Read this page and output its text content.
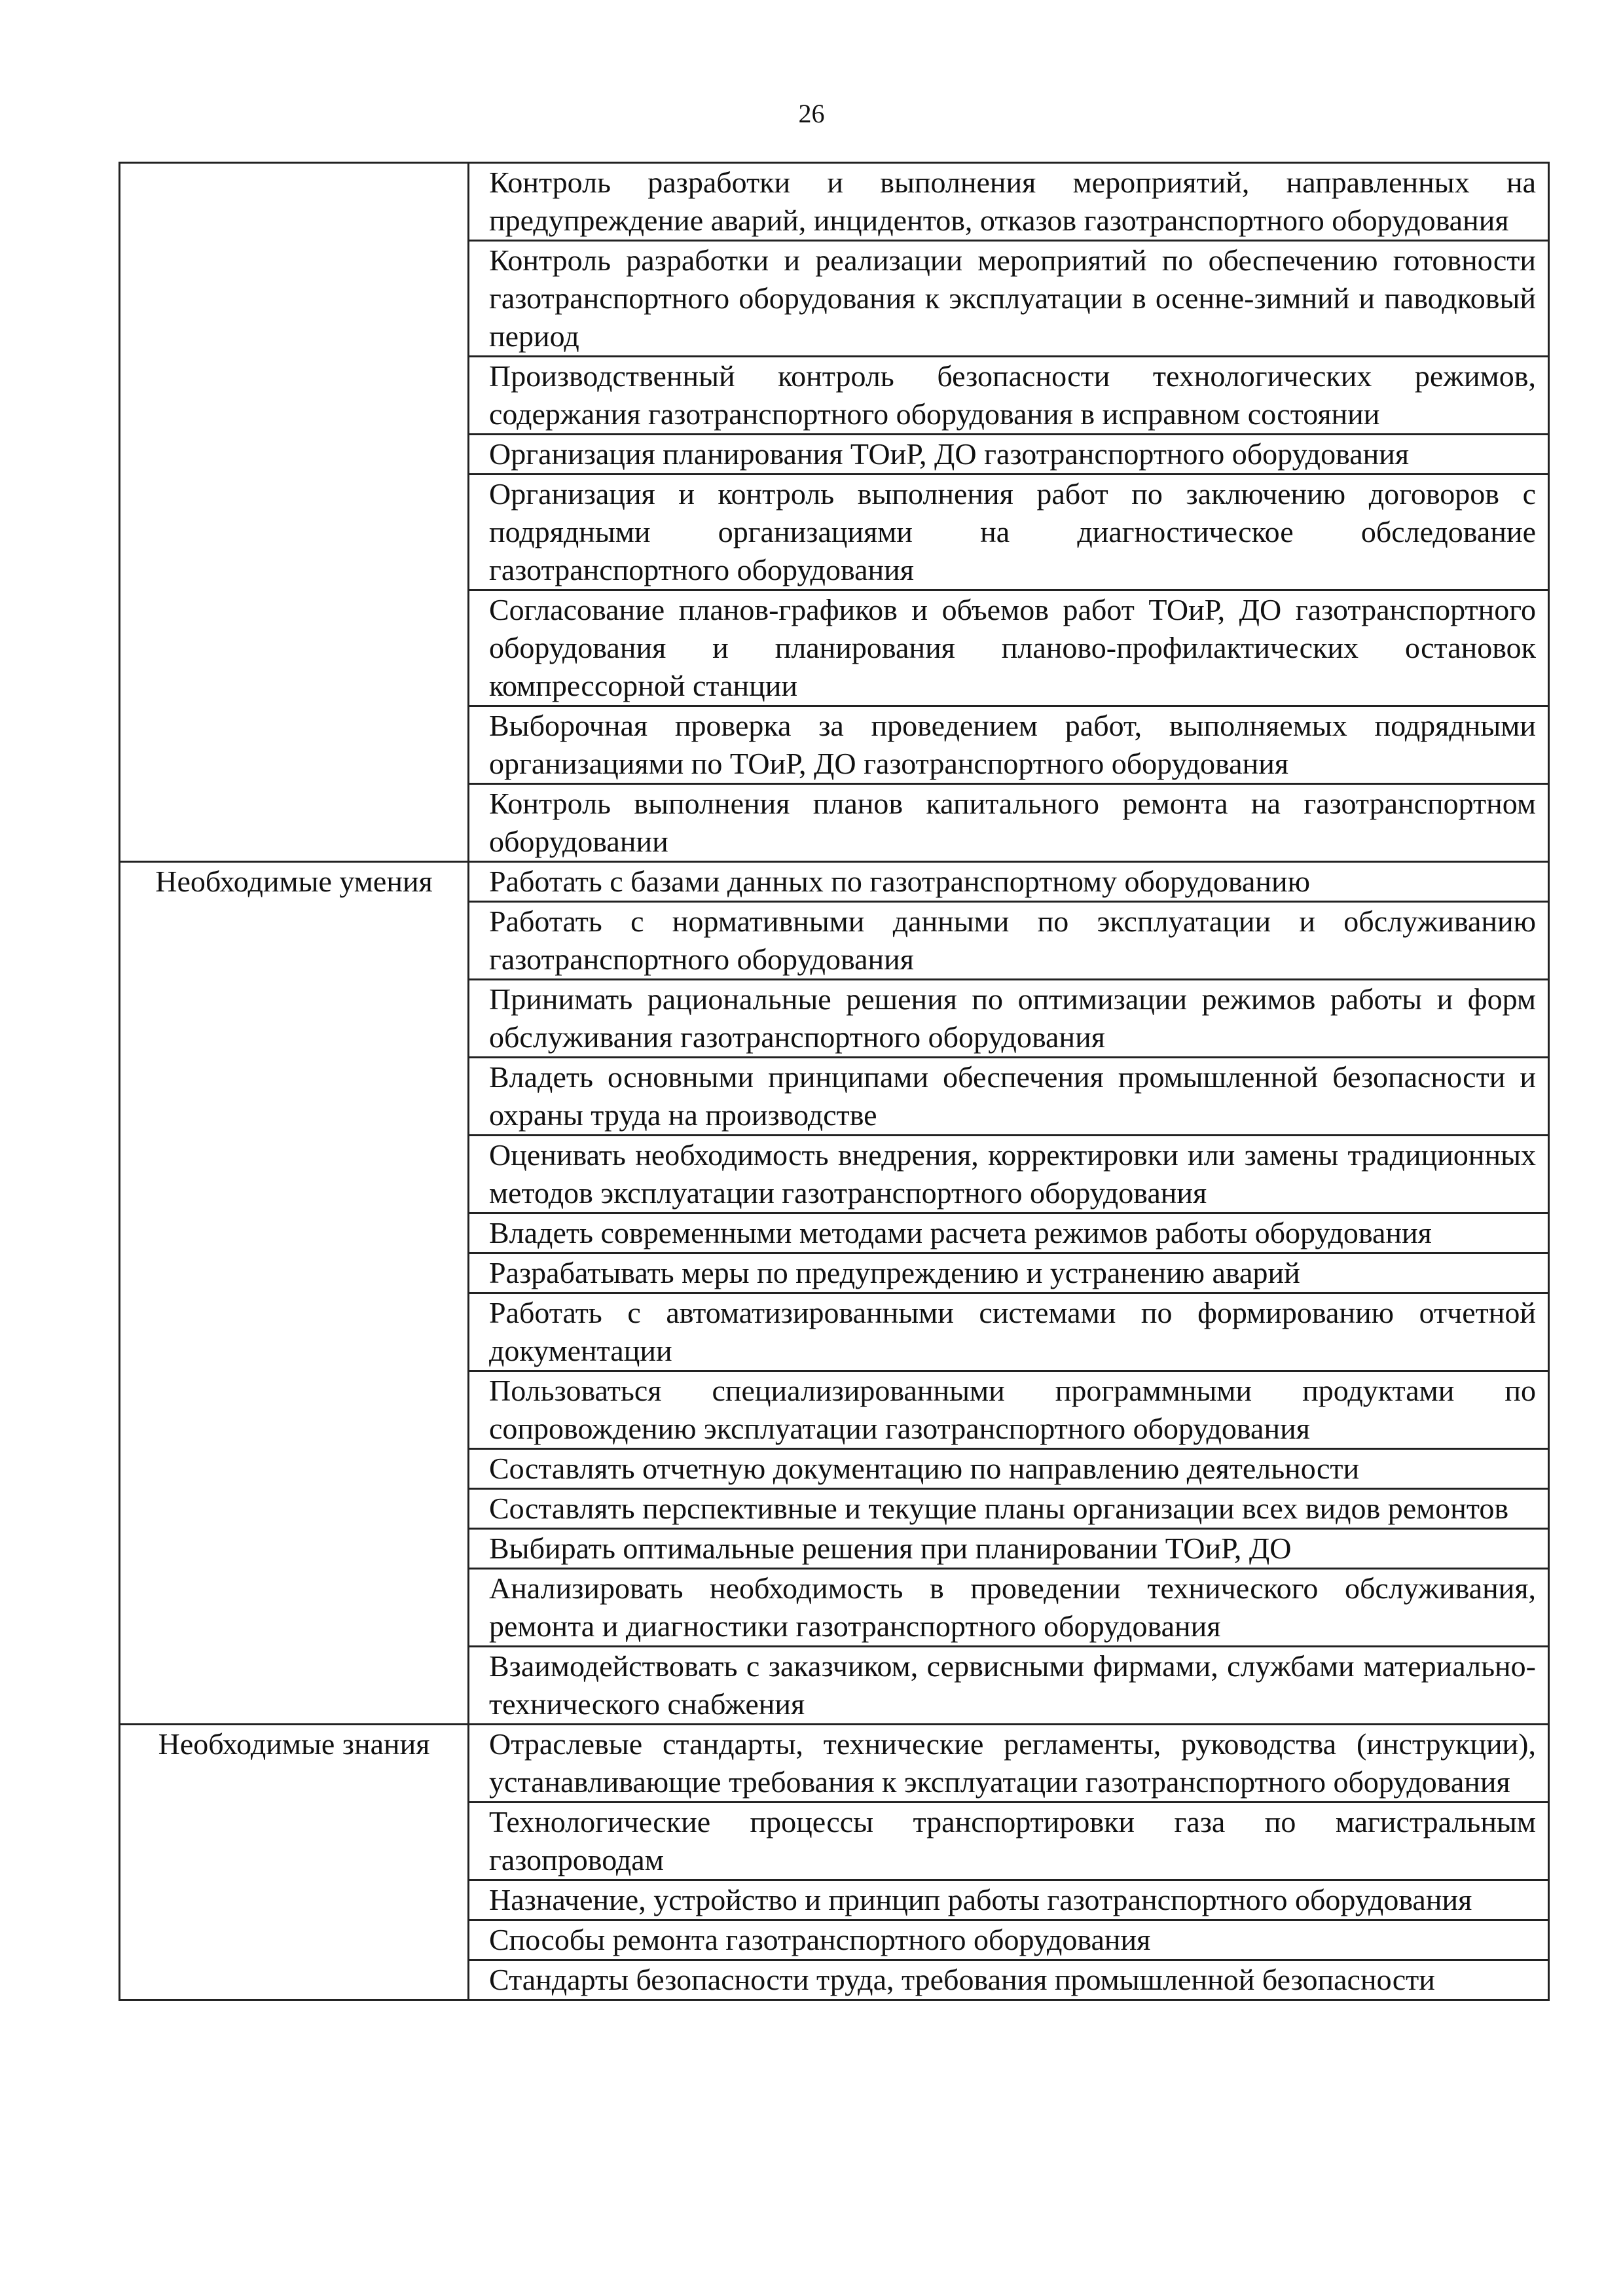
26
	Контроль разработки и выполнения мероприятий, направленных на предупреждение аварий, инцидентов, отказов газотранспортного оборудования
	Контроль разработки и реализации мероприятий по обеспечению готовности газотранспортного оборудования к эксплуатации в осенне-зимний и паводковый период
	Производственный контроль безопасности технологических режимов, содержания газотранспортного оборудования в исправном состоянии
	Организация планирования ТОиР, ДО газотранспортного оборудования
	Организация и контроль выполнения работ по заключению договоров с подрядными организациями на диагностическое обследование газотранспортного оборудования
	Согласование планов-графиков и объемов работ ТОиР, ДО газотранспортного оборудования и планирования планово-профилактических остановок компрессорной станции
	Выборочная проверка за проведением работ, выполняемых подрядными организациями по ТОиР, ДО газотранспортного оборудования
	Контроль выполнения планов капитального ремонта на газотранспортном оборудовании
Необходимые умения	Работать с базами данных по газотранспортному оборудованию
	Работать с нормативными данными по эксплуатации и обслуживанию газотранспортного оборудования
	Принимать рациональные решения по оптимизации режимов работы и форм обслуживания газотранспортного оборудования
	Владеть основными принципами обеспечения промышленной безопасности и охраны труда на производстве
	Оценивать необходимость внедрения, корректировки или замены традиционных методов эксплуатации газотранспортного оборудования
	Владеть современными методами расчета режимов работы оборудования
	Разрабатывать меры по предупреждению и устранению аварий
	Работать с автоматизированными системами по формированию отчетной документации
	Пользоваться специализированными программными продуктами по сопровождению эксплуатации газотранспортного оборудования
	Составлять отчетную документацию по направлению деятельности
	Составлять перспективные и текущие планы организации всех видов ремонтов
	Выбирать оптимальные решения при планировании ТОиР, ДО
	Анализировать необходимость в проведении технического обслуживания, ремонта и диагностики газотранспортного оборудования
	Взаимодействовать с заказчиком, сервисными фирмами, службами материально-технического снабжения
Необходимые знания	Отраслевые стандарты, технические регламенты, руководства (инструкции), устанавливающие требования к эксплуатации газотранспортного оборудования
	Технологические процессы транспортировки газа по магистральным газопроводам
	Назначение, устройство и принцип работы газотранспортного оборудования
	Способы ремонта газотранспортного оборудования
	Стандарты безопасности труда, требования промышленной безопасности
